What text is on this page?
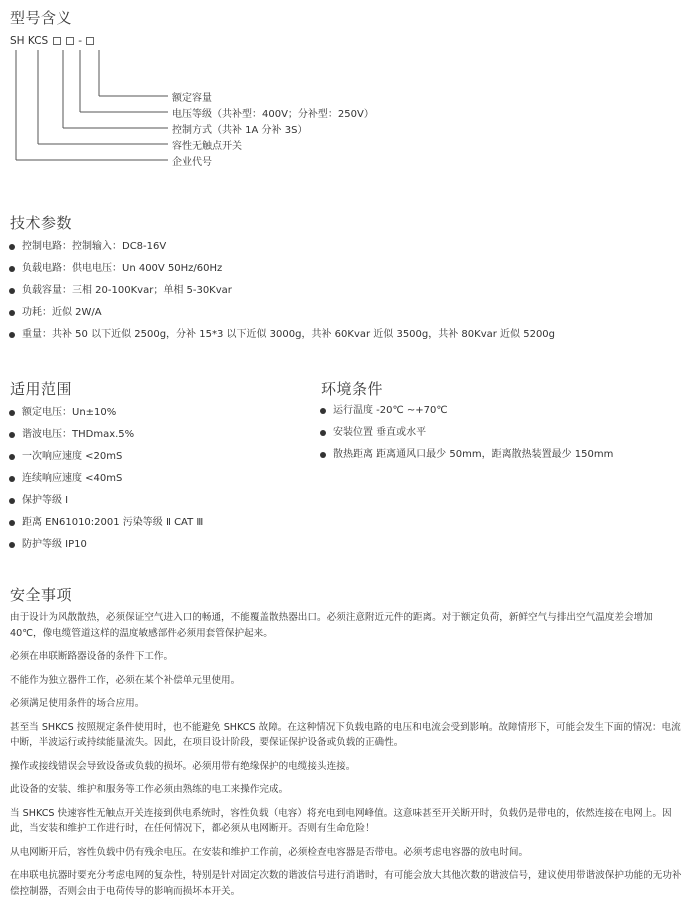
型号含义
SH KCS	-
额定容量
电压等级（共补型：400V；分补型：250V）
控制方式（共补 1A 分补 3S）
容性无触点开关
企业代号
技术参数
控制电路：控制输入：DC8-16V
负载电路：供电电压：Un 400V 50Hz/60Hz
负载容量：三相 20-100Kvar；单相 5-30Kvar
功耗：近似 2W/A
重量：共补 50 以下近似 2500g，分补 15*3 以下近似 3000g，共补 60Kvar 近似 3500g，共补 80Kvar 近似 5200g
适用范围
额定电压：Un±10%
谐波电压：THDmax.5%
一次响应速度 <20mS
连续响应速度 <40mS
保护等级 I
距离 EN61010:2001 污染等级 Ⅱ CAT Ⅲ
防护等级 IP10
环境条件
运行温度 -20℃ ~+70℃
安装位置 垂直或水平
散热距离 距离通风口最少 50mm，距离散热装置最少 150mm
安全事项

由于设计为风散散热，必须保证空气进入口的畅通，不能覆盖散热器出口。必须注意附近元件的距离。对于额定负荷，新鲜空气与排出空气温度差会增加 40℃，像电缆管道这样的温度敏感部件必须用套管保护起来。

必须在串联断路器设备的条件下工作。

不能作为独立器件工作，必须在某个补偿单元里使用。

必须满足使用条件的场合应用。

甚至当 SHKCS 按照规定条件使用时，也不能避免 SHKCS 故障。在这种情况下负载电路的电压和电流会受到影响。故障情形下，可能会发生下面的情况：电流中断，半波运行或持续能量流失。因此，在项目设计阶段，要保证保护设备或负载的正确性。

操作或接线错误会导致设备或负载的损坏。必须用带有绝缘保护的电缆接头连接。

此设备的安装、维护和服务等工作必须由熟练的电工来操作完成。

当 SHKCS 快速容性无触点开关连接到供电系统时，容性负载（电容）将充电到电网峰值。这意味甚至开关断开时，负载仍是带电的，依然连接在电网上。因此，当安装和维护工作进行时，在任何情况下，都必须从电网断开。否则有生命危险！

从电网断开后，容性负载中仍有残余电压。在安装和维护工作前，必须检查电容器是否带电。必须考虑电容器的放电时间。

在串联电抗器时要充分考虑电网的复杂性，特别是针对固定次数的谐波信号进行消谐时，有可能会放大其他次数的谐波信号，建议使用带谐波保护功能的无功补偿控制器，否则会由于电荷传导的影响而损坏本开关。
